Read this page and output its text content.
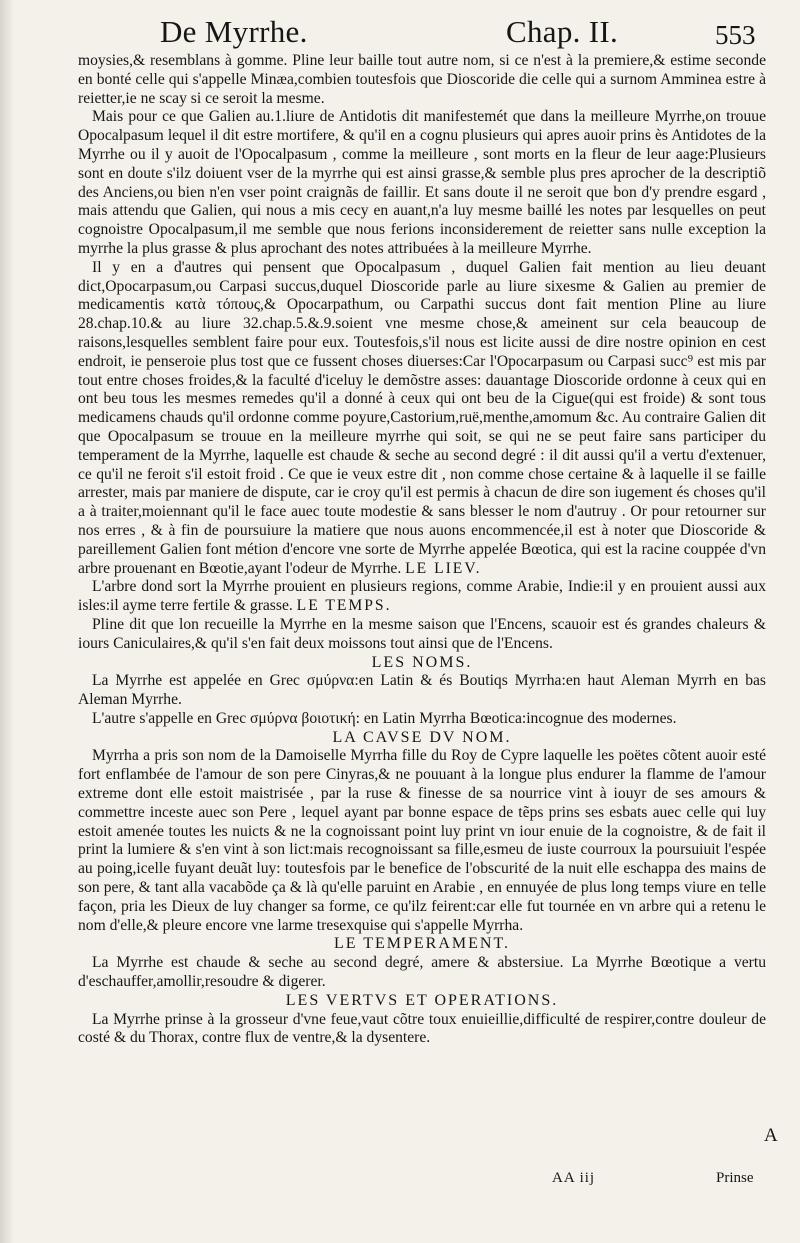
De Myrrhe.	Chap. II.	553

moysies,& resemblans à gomme. Pline leur baille tout autre nom, si ce n'est à la premiere,& estime seconde en bonté celle qui s'appelle Minæa,combien toutesfois que Dioscoride die celle qui a surnom Amminea estre à reietter,ie ne scay si ce seroit la mesme.

Mais pour ce que Galien au.1.liure de Antidotis dit manifestemét que dans la meilleure Myrrhe,on trouue Opocalpasum lequel il dit estre mortifere, & qu'il en a cognu plusieurs qui apres auoir prins ès Antidotes de la Myrrhe ou il y auoit de l'Opocalpasum , comme la meilleure , sont morts en la fleur de leur aage:Plusieurs sont en doute s'ilz doiuent vser de la myrrhe qui est ainsi grasse,& semble plus pres aprocher de la descriptiõ des Anciens,ou bien n'en vser point craignãs de faillir. Et sans doute il ne seroit que bon d'y prendre esgard , mais attendu que Galien, qui nous a mis cecy en auant,n'a luy mesme baillé les notes par lesquelles on peut cognoistre Opocalpasum,il me semble que nous ferions inconsiderement de reietter sans nulle exception la myrrhe la plus grasse & plus aprochant des notes attribuées à la meilleure Myrrhe.

Il y en a d'autres qui pensent que Opocalpasum , duquel Galien fait mention au lieu deuant dict,Opocarpasum,ou Carpasi succus,duquel Dioscoride parle au liure sixesme & Galien au premier de medicamentis κατὰ τόπους,& Opocarpathum, ou Carpathi succus dont fait mention Pline au liure 28.chap.10.& au liure 32.chap.5.&.9.soient vne mesme chose,& ameinent sur cela beaucoup de raisons,lesquelles semblent faire pour eux. Toutesfois,s'il nous est licite aussi de dire nostre opinion en cest endroit, ie penseroie plus tost que ce fussent choses diuerses:Car l'Opocarpasum ou Carpasi succ⁹ est mis par tout entre choses froides,& la faculté d'iceluy le demõstre asses: dauantage Dioscoride ordonne à ceux qui en ont beu tous les mesmes remedes qu'il a donné à ceux qui ont beu de la Cigue(qui est froide) & sont tous medicamens chauds qu'il ordonne comme poyure,Castorium,ruë,menthe,amomum &c. Au contraire Galien dit que Opocalpasum se trouue en la meilleure myrrhe qui soit, se qui ne se peut faire sans participer du temperament de la Myrrhe, laquelle est chaude & seche au second degré : il dit aussi qu'il a vertu d'extenuer, ce qu'il ne feroit s'il estoit froid . Ce que ie veux estre dit , non comme chose certaine & à laquelle il se faille arrester, mais par maniere de dispute, car ie croy qu'il est permis à chacun de dire son iugement és choses qu'il a à traiter,moiennant qu'il le face auec toute modestie & sans blesser le nom d'autruy . Or pour retourner sur nos erres , & à fin de poursuiure la matiere que nous auons encommencée,il est à noter que Dioscoride & pareillement Galien font métion d'encore vne sorte de Myrrhe appelée Bœotica, qui est la racine couppée d'vn arbre prouenant en Bœotie,ayant l'odeur de Myrrhe. LE LIEV.

L'arbre dond sort la Myrrhe prouient en plusieurs regions, comme Arabie, Indie:il y en prouient aussi aux isles:il ayme terre fertile & grasse. LE TEMPS.

Pline dit que lon recueille la Myrrhe en la mesme saison que l'Encens, scauoir est és grandes chaleurs & iours Caniculaires,& qu'il s'en fait deux moissons tout ainsi que de l'Encens.

LES NOMS.

La Myrrhe est appelée en Grec σμύρνα:en Latin & és Boutiqs Myrrha:en haut Aleman Myrrh en bas Aleman Myrrhe.

L'autre s'appelle en Grec σμύρνα βοιοτική: en Latin Myrrha Bœotica:incognue des modernes.

LA CAVSE DV NOM.

Myrrha a pris son nom de la Damoiselle Myrrha fille du Roy de Cypre laquelle les poëtes cõtent auoir esté fort enflambée de l'amour de son pere Cinyras,& ne pouuant à la longue plus endurer la flamme de l'amour extreme dont elle estoit maistrisée , par la ruse & finesse de sa nourrice vint à iouyr de ses amours & commettre inceste auec son Pere , lequel ayant par bonne espace de tẽps prins ses esbats auec celle qui luy estoit amenée toutes les nuicts & ne la cognoissant point luy print vn iour enuie de la cognoistre, & de fait il print la lumiere & s'en vint à son lict:mais recognoissant sa fille,esmeu de iuste courroux la poursuiuit l'espée au poing,icelle fuyant deuãt luy: toutesfois par le benefice de l'obscurité de la nuit elle eschappa des mains de son pere, & tant alla vacabõde ça & là qu'elle paruint en Arabie , en ennuyée de plus long temps viure en telle façon, pria les Dieux de luy changer sa forme, ce qu'ilz feirent:car elle fut tournée en vn arbre qui a retenu le nom d'elle,& pleure encore vne larme tresexquise qui s'appelle Myrrha.

LE TEMPERAMENT.

La Myrrhe est chaude & seche au second degré, amere & abstersiue. La Myrrhe Bœotique a vertu d'eschauffer,amollir,resoudre & digerer.

LES VERTVS ET OPERATIONS.

La Myrrhe prinse à la grosseur d'vne feue,vaut cõtre toux enuieillie,difficulté de respirer,contre douleur de costé & du Thorax, contre flux de ventre,& la dysentere.

A
AA iij	Prinse
